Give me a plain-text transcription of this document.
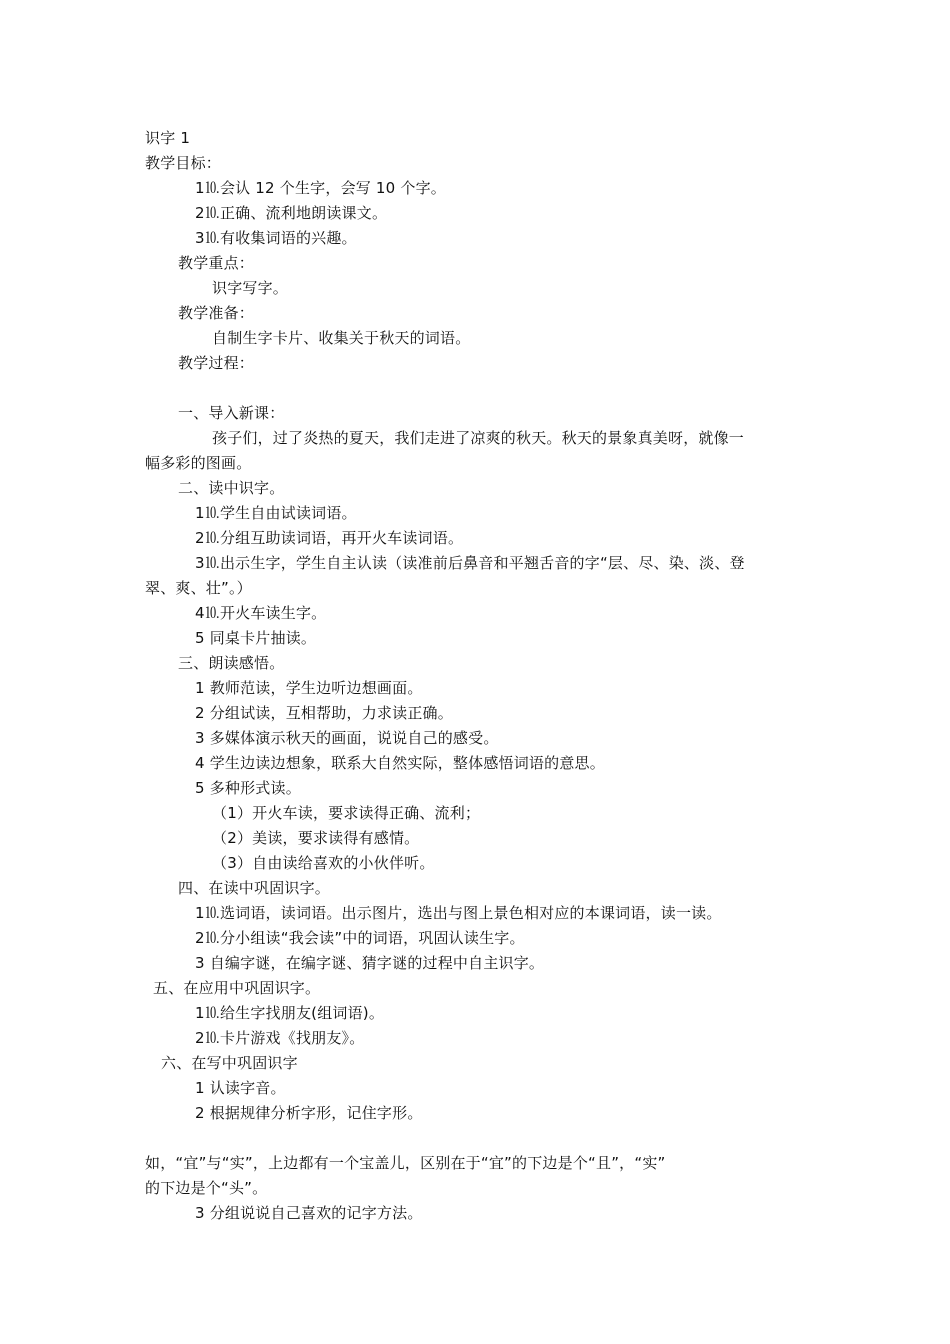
识字 1
教学目标：
1⒑会认 12 个生字，会写 10 个字。
2⒑正确、流利地朗读课文。
3⒑有收集词语的兴趣。
教学重点：
识字写字。
教学准备：
自制生字卡片、收集关于秋天的词语。
教学过程：
一、导入新课：
孩子们，过了炎热的夏天，我们走进了凉爽的秋天。秋天的景象真美呀，就像一
幅多彩的图画。
二、读中识字。
1⒑学生自由试读词语。
2⒑分组互助读词语，再开火车读词语。
3⒑出示生字，学生自主认读（读准前后鼻音和平翘舌音的字“层、尽、染、淡、登
翠、爽、壮”。）
4⒑开火车读生字。
5 同桌卡片抽读。
三、朗读感悟。
1 教师范读，学生边听边想画面。
2 分组试读，互相帮助，力求读正确。
3 多媒体演示秋天的画面，说说自己的感受。
4 学生边读边想象，联系大自然实际，整体感悟词语的意思。
5 多种形式读。
（1）开火车读，要求读得正确、流利；
（2）美读，要求读得有感情。
（3）自由读给喜欢的小伙伴听。
四、在读中巩固识字。
1⒑选词语，读词语。出示图片，选出与图上景色相对应的本课词语，读一读。
2⒑分小组读“我会读”中的词语，巩固认读生字。
3 自编字谜，在编字谜、猜字谜的过程中自主识字。
五、在应用中巩固识字。
1⒑给生字找朋友(组词语)。
2⒑卡片游戏《找朋友》。
六、在写中巩固识字
1 认读字音。
2 根据规律分析字形，记住字形。
如，“宜”与“实”，上边都有一个宝盖儿，区别在于“宜”的下边是个“且”，“实”
的下边是个“头”。
3 分组说说自己喜欢的记字方法。
